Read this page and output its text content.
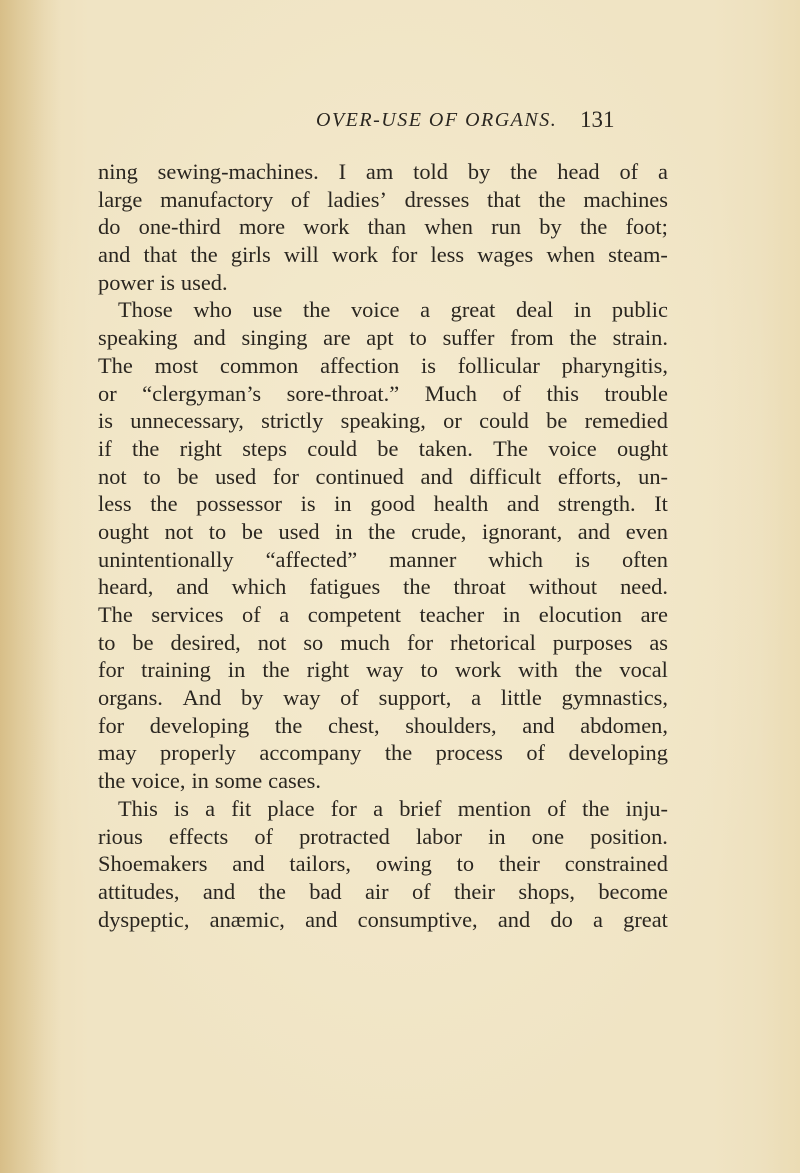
OVER-USE OF ORGANS. 131
ning sewing-machines. I am told by the head of a
large manufactory of ladies’ dresses that the machines
do one-third more work than when run by the foot;
and that the girls will work for less wages when steam-
power is used.
Those who use the voice a great deal in public
speaking and singing are apt to suffer from the strain.
The most common affection is follicular pharyngitis,
or “clergyman’s sore-throat.” Much of this trouble
is unnecessary, strictly speaking, or could be remedied
if the right steps could be taken. The voice ought
not to be used for continued and difficult efforts, un-
less the possessor is in good health and strength. It
ought not to be used in the crude, ignorant, and even
unintentionally “affected” manner which is often
heard, and which fatigues the throat without need.
The services of a competent teacher in elocution are
to be desired, not so much for rhetorical purposes as
for training in the right way to work with the vocal
organs. And by way of support, a little gymnastics,
for developing the chest, shoulders, and abdomen,
may properly accompany the process of developing
the voice, in some cases.
This is a fit place for a brief mention of the inju-
rious effects of protracted labor in one position.
Shoemakers and tailors, owing to their constrained
attitudes, and the bad air of their shops, become
dyspeptic, anæmic, and consumptive, and do a great
